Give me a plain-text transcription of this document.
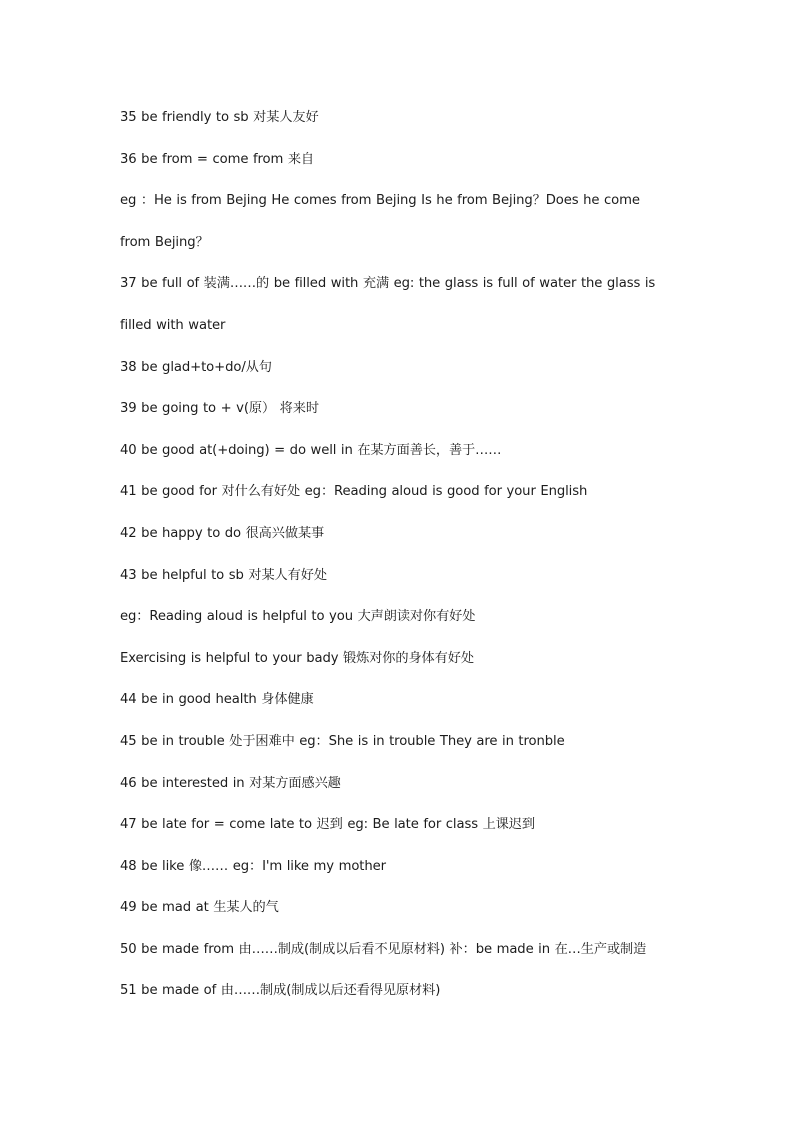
35 be friendly to sb 对某人友好
36 be from = come from 来自
eg ：He is from Bejing He comes from Bejing Is he from Bejing？Does he come
from Bejing？
37 be full of 装满……的 be filled with 充满 eg: the glass is full of water the glass is
filled with water
38 be glad+to+do/从句
39 be going to + v(原） 将来时
40 be good at(+doing) = do well in 在某方面善长，善于……
41 be good for 对什么有好处 eg：Reading aloud is good for your English
42 be happy to do 很高兴做某事
43 be helpful to sb 对某人有好处
eg：Reading aloud is helpful to you 大声朗读对你有好处
Exercising is helpful to your bady 锻炼对你的身体有好处
44 be in good health 身体健康
45 be in trouble 处于困难中 eg：She is in trouble They are in tronble
46 be interested in 对某方面感兴趣
47 be late for = come late to 迟到 eg: Be late for class 上课迟到
48 be like 像…… eg：I'm like my mother
49 be mad at 生某人的气
50 be made from 由……制成(制成以后看不见原材料) 补：be made in 在…生产或制造
51 be made of 由……制成(制成以后还看得见原材料)
